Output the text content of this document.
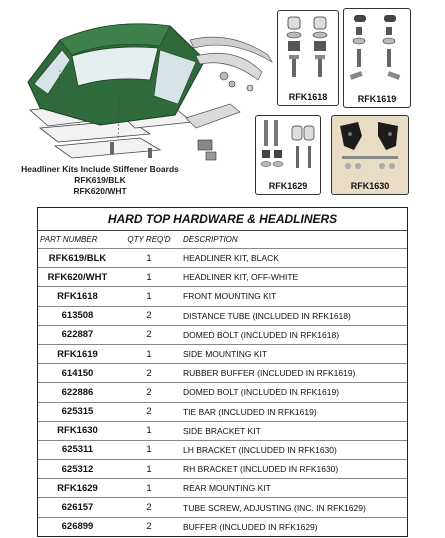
Headliner Kits Include Stiffener Boards
RFK619/BLK
RFK620/WHT
RFK1618	RFK1619
RFK1629	RFK1630
HARD TOP HARDWARE & HEADLINERS
PART NUMBER	QTY REQ'D	DESCRIPTION
RFK619/BLK	1	HEADLINER KIT, BLACK
RFK620/WHT	1	HEADLINER KIT, OFF-WHITE
RFK1618	1	FRONT MOUNTING KIT
613508	2	DISTANCE TUBE (INCLUDED IN RFK1618)
622887	2	DOMED BOLT (INCLUDED IN RFK1618)
RFK1619	1	SIDE MOUNTING KIT
614150	2	RUBBER BUFFER (INCLUDED IN RFK1619)
622886	2	DOMED BOLT (INCLUDED IN RFK1619)
625315	2	TIE BAR (INCLUDED IN RFK1619)
RFK1630	1	SIDE BRACKET KIT
625311	1	LH BRACKET (INCLUDED IN RFK1630)
625312	1	RH BRACKET (INCLUDED IN RFK1630)
RFK1629	1	REAR MOUNTING KIT
626157	2	TUBE SCREW, ADJUSTING (INC. IN RFK1629)
626899	2	BUFFER (INCLUDED IN RFK1629)
